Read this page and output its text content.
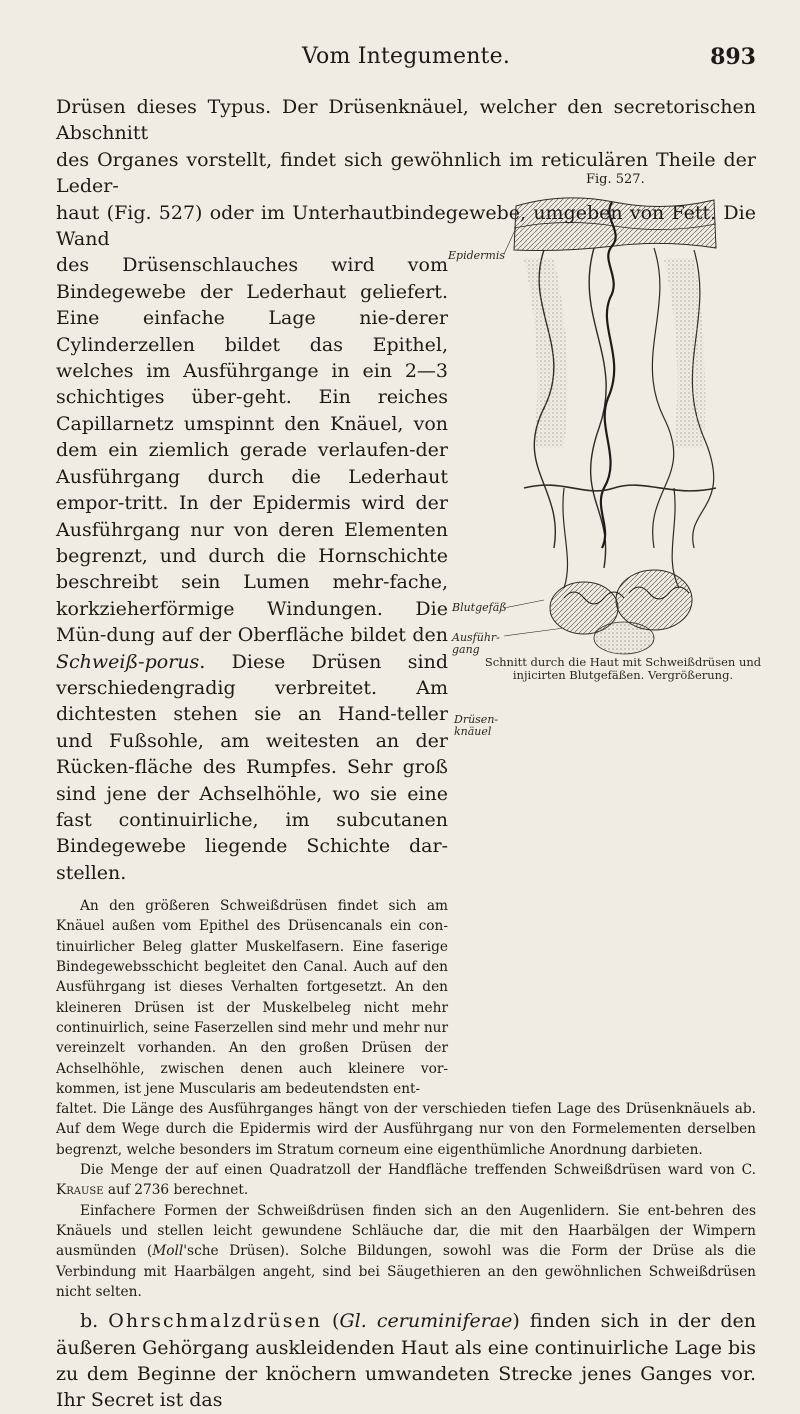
Vom Integumente.	893
Fig. 527.
Epidermis
Blutgefäß
Ausführ-gang
Drüsen-knäuel
Schnitt durch die Haut mit Schweißdrüsen und injicirten Blutgefäßen. Vergrößerung.

Drüsen dieses Typus. Der Drüsenknäuel, welcher den secretorischen Abschnitt

des Organes vorstellt, findet sich gewöhnlich im reticulären Theile der Leder-

haut (Fig. 527) oder im Unterhautbindegewebe, umgeben von Fett. Die Wand

des Drüsenschlauches wird vom Bindegewebe der Lederhaut geliefert. Eine einfache Lage nie-derer Cylinderzellen bildet das Epithel, welches im Ausführgange in ein 2—3 schichtiges über-geht. Ein reiches Capillarnetz umspinnt den Knäuel, von dem ein ziemlich gerade verlaufen-der Ausführgang durch die Lederhaut empor-tritt. In der Epidermis wird der Ausführgang nur von deren Elementen begrenzt, und durch die Hornschichte beschreibt sein Lumen mehr-fache, korkzieherförmige Windungen. Die Mün-dung auf der Oberfläche bildet den Schweiß-porus. Diese Drüsen sind verschiedengradig verbreitet. Am dichtesten stehen sie an Hand-teller und Fußsohle, am weitesten an der Rücken-fläche des Rumpfes. Sehr groß sind jene der Achselhöhle, wo sie eine fast continuirliche, im subcutanen Bindegewebe liegende Schichte dar-stellen.

An den größeren Schweißdrüsen findet sich am Knäuel außen vom Epithel des Drüsencanals ein con-tinuirlicher Beleg glatter Muskelfasern. Eine faserige Bindegewebsschicht begleitet den Canal. Auch auf den Ausführgang ist dieses Verhalten fortgesetzt. An den kleineren Drüsen ist der Muskelbeleg nicht mehr continuirlich, seine Faserzellen sind mehr und mehr nur vereinzelt vorhanden. An den großen Drüsen der Achselhöhle, zwischen denen auch kleinere vor-kommen, ist jene Muscularis am bedeutendsten ent-

faltet. Die Länge des Ausführganges hängt von der verschieden tiefen Lage des Drüsenknäuels ab. Auf dem Wege durch die Epidermis wird der Ausführgang nur von den Formelementen derselben begrenzt, welche besonders im Stratum corneum eine eigenthümliche Anordnung darbieten.

Die Menge der auf einen Quadratzoll der Handfläche treffenden Schweißdrüsen ward von C. Krause auf 2736 berechnet.

Einfachere Formen der Schweißdrüsen finden sich an den Augenlidern. Sie ent-behren des Knäuels und stellen leicht gewundene Schläuche dar, die mit den Haarbälgen der Wimpern ausmünden (Moll'sche Drüsen). Solche Bildungen, sowohl was die Form der Drüse als die Verbindung mit Haarbälgen angeht, sind bei Säugethieren an den gewöhnlichen Schweißdrüsen nicht selten.

b. Ohrschmalzdrüsen (Gl. ceruminiferae) finden sich in der den äußeren Gehörgang auskleidenden Haut als eine continuirliche Lage bis zu dem Beginne der knöchern umwandeten Strecke jenes Ganges vor. Ihr Secret ist das
